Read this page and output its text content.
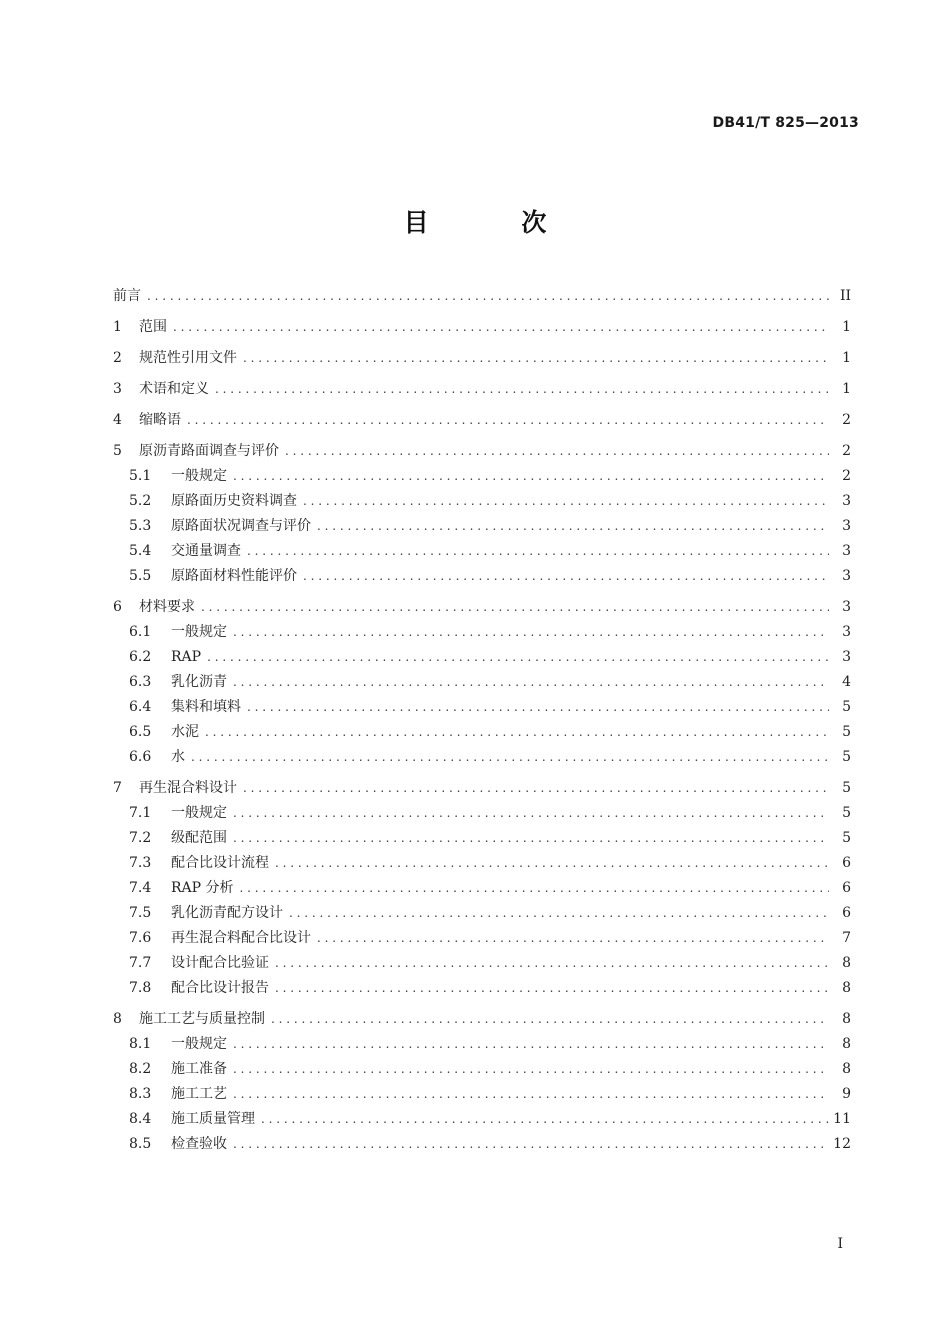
DB41/T 825—2013
目 次
前言 . . .	II
1	范围 . . .	1
2	规范性引用文件 . . .	1
3	术语和定义 . . .	1
4	缩略语 . . .	2
5	原沥青路面调查与评价 . . .	2
5.1	一般规定 . . .	2
5.2	原路面历史资料调查 . . .	3
5.3	原路面状况调查与评价 . . .	3
5.4	交通量调查 . . .	3
5.5	原路面材料性能评价 . . .	3
6	材料要求 . . .	3
6.1	一般规定 . . .	3
6.2	RAP . . .	3
6.3	乳化沥青 . . .	4
6.4	集料和填料 . . .	5
6.5	水泥 . . .	5
6.6	水 . . .	5
7	再生混合料设计 . . .	5
7.1	一般规定 . . .	5
7.2	级配范围 . . .	5
7.3	配合比设计流程 . . .	6
7.4	RAP 分析 . . .	6
7.5	乳化沥青配方设计 . . .	6
7.6	再生混合料配合比设计 . . .	7
7.7	设计配合比验证 . . .	8
7.8	配合比设计报告 . . .	8
8	施工工艺与质量控制 . . .	8
8.1	一般规定 . . .	8
8.2	施工准备 . . .	8
8.3	施工工艺 . . .	9
8.4	施工质量管理 . . .	11
8.5	检查验收 . . .	12
I
